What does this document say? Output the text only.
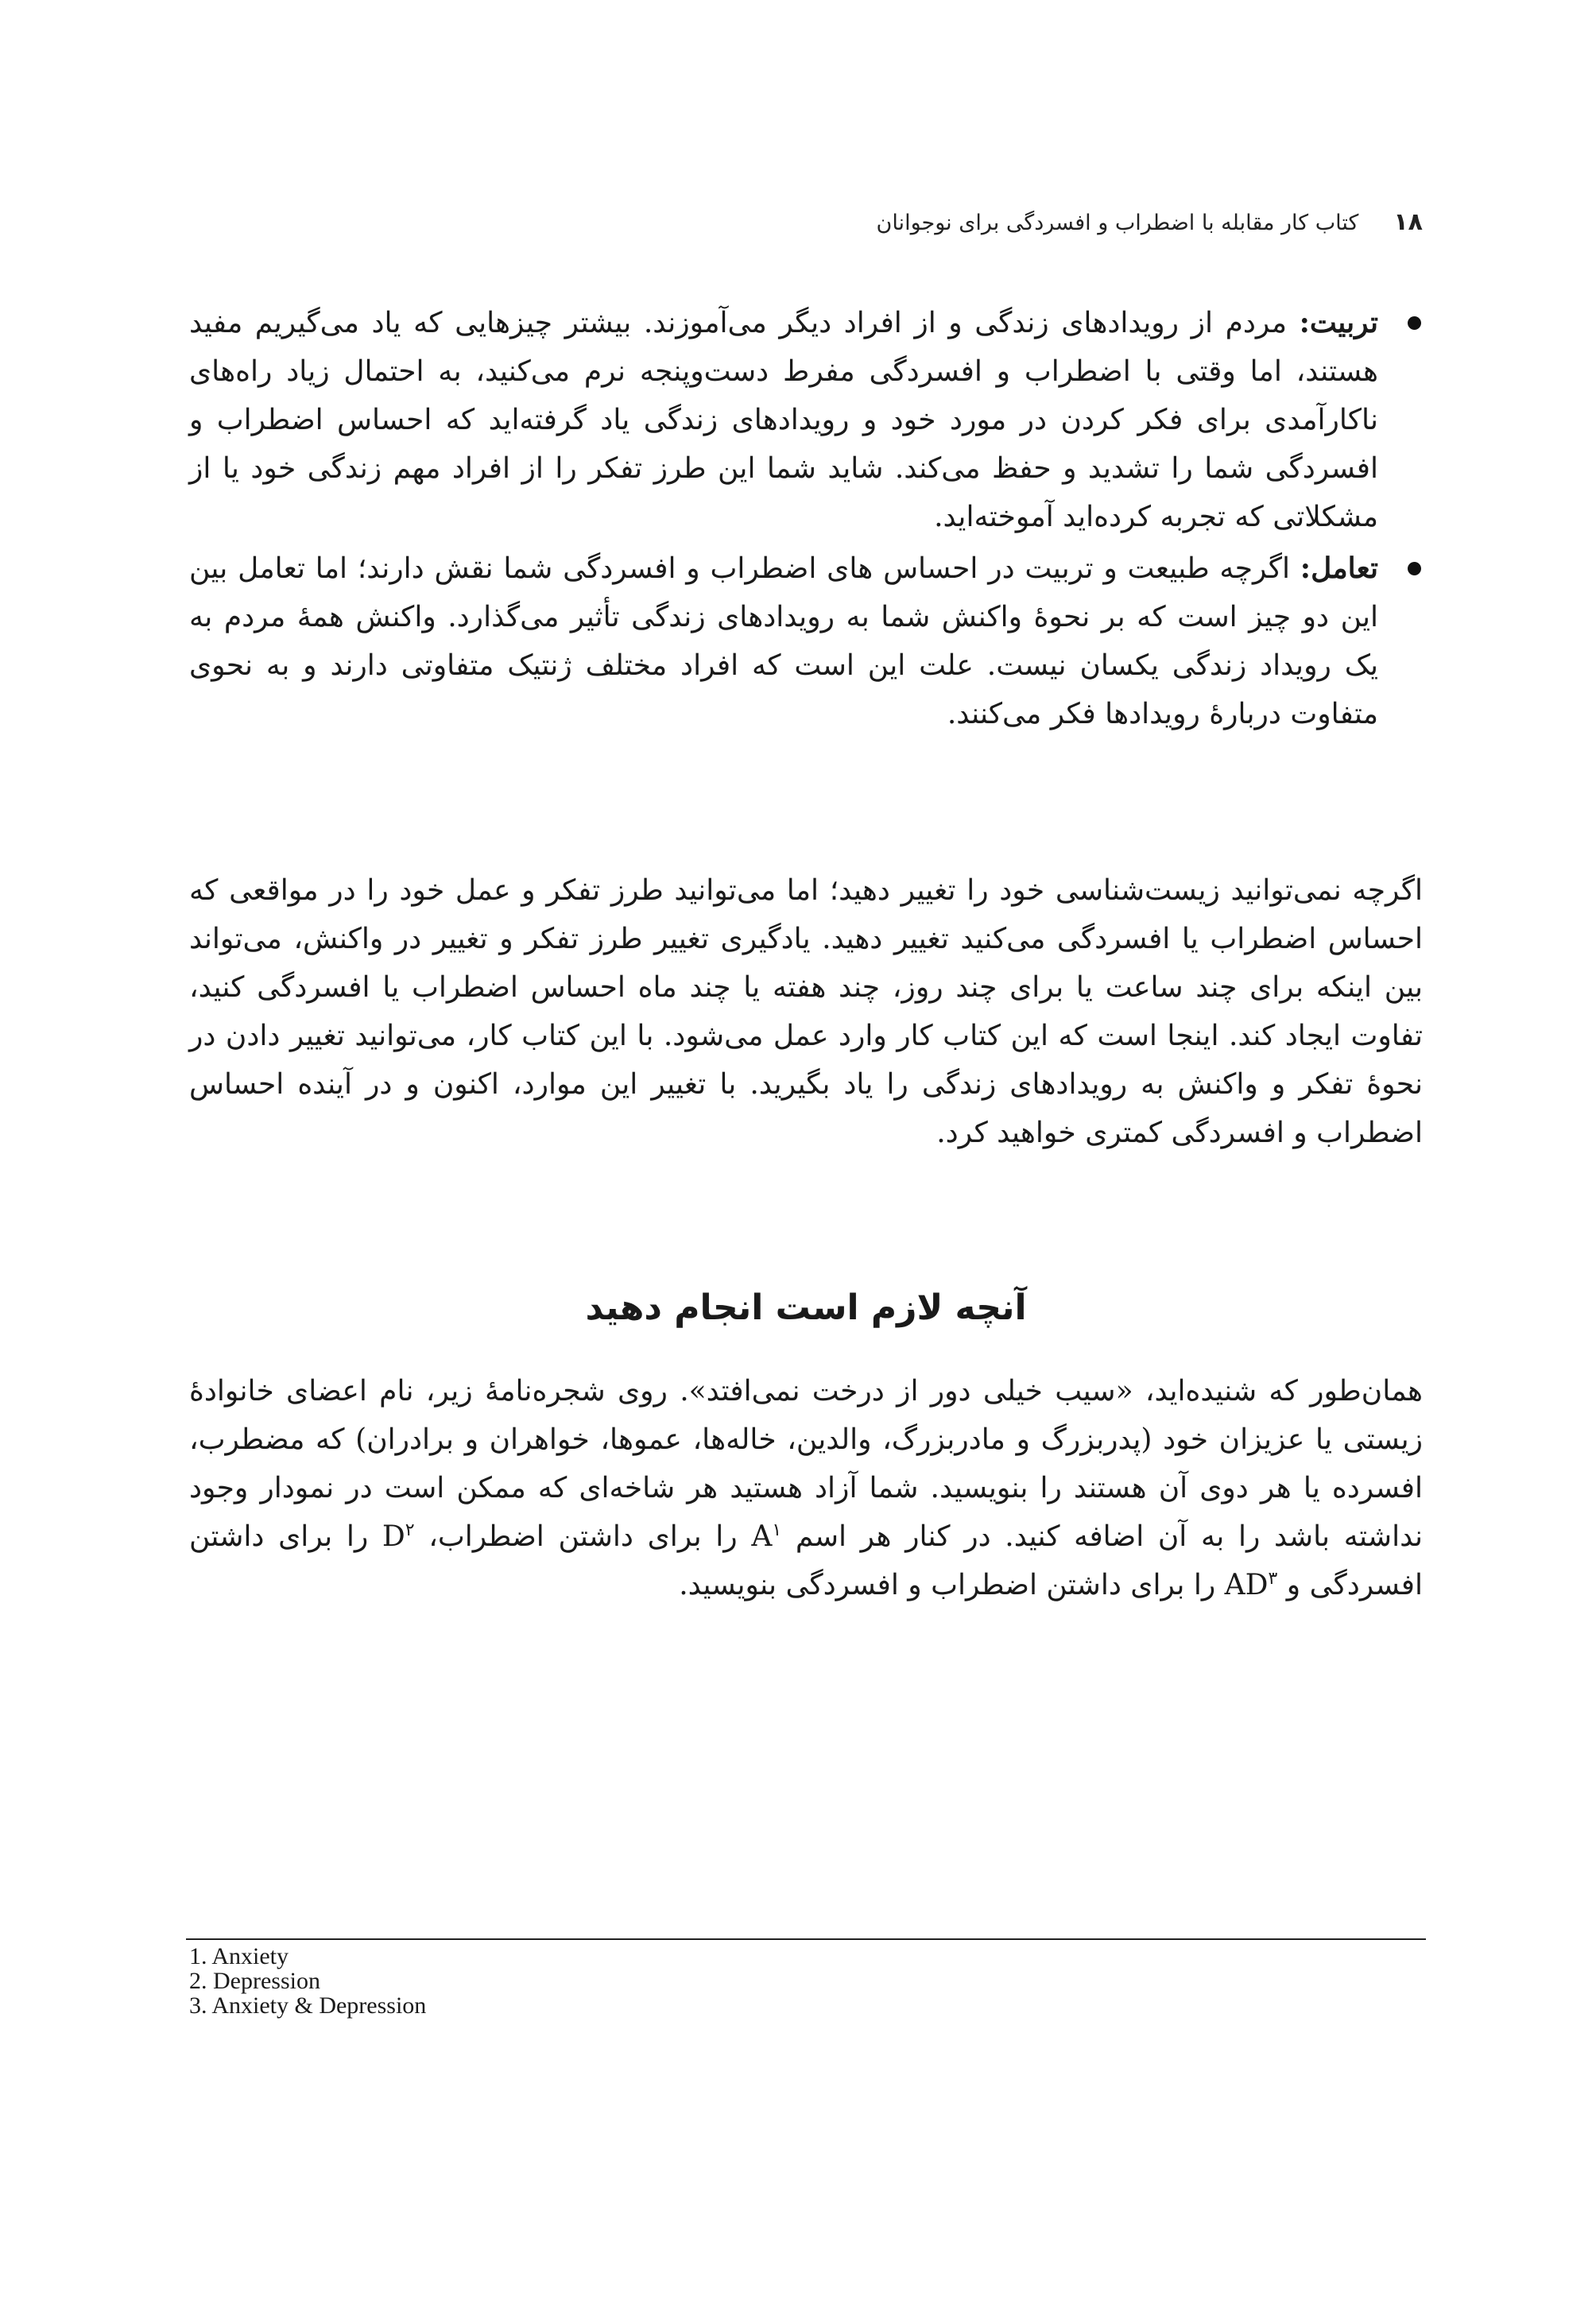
۱۸
کتاب کار مقابله با اضطراب و افسردگی برای نوجوانان
تربیت: مردم از رویدادهای زندگی و از افراد دیگر می‌آموزند. بیشتر چیزهایی که یاد می‌گیریم مفید هستند، اما وقتی با اضطراب و افسردگی مفرط دست‌وپنجه نرم می‌کنید، به احتمال زیاد راه‌های ناکارآمدی برای فکر کردن در مورد خود و رویدادهای زندگی یاد گرفته‌اید که احساس اضطراب و افسردگی شما را تشدید و حفظ می‌کند. شاید شما این طرز تفکر را از افراد مهم زندگی خود یا از مشکلاتی که تجربه کرده‌اید آموخته‌اید.
تعامل: اگرچه طبیعت و تربیت در احساس های اضطراب و افسردگی شما نقش دارند؛ اما تعامل بین این دو چیز است که بر نحوهٔ واکنش شما به رویدادهای زندگی تأثیر می‌گذارد. واکنش همهٔ مردم به یک رویداد زندگی یکسان نیست. علت این است که افراد مختلف ژنتیک متفاوتی دارند و به نحوی متفاوت دربارهٔ رویدادها فکر می‌کنند.

اگرچه نمی‌توانید زیست‌شناسی خود را تغییر دهید؛ اما می‌توانید طرز تفکر و عمل خود را در مواقعی که احساس اضطراب یا افسردگی می‌کنید تغییر دهید. یادگیری تغییر طرز تفکر و تغییر در واکنش، می‌تواند بین اینکه برای چند ساعت یا برای چند روز، چند هفته یا چند ماه احساس اضطراب یا افسردگی کنید، تفاوت ایجاد کند. اینجا است که این کتاب کار وارد عمل می‌شود. با این کتاب کار، می‌توانید تغییر دادن در نحوهٔ تفکر و واکنش به رویدادهای زندگی را یاد بگیرید. با تغییر این موارد، اکنون و در آینده احساس اضطراب و افسردگی کمتری خواهید کرد.

آنچه لازم است انجام دهید

همان‌طور که شنیده‌اید، «سیب خیلی دور از درخت نمی‌افتد». روی شجره‌نامهٔ زیر، نام اعضای خانوادهٔ زیستی یا عزیزان خود (پدربزرگ و مادربزرگ، والدین، خاله‌ها، عموها، خواهران و برادران) که مضطرب، افسرده یا هر دوی آن هستند را بنویسید. شما آزاد هستید هر شاخه‌ای که ممکن است در نمودار وجود نداشته باشد را به آن اضافه کنید. در کنار هر اسم $A^۱$ را برای داشتن اضطراب، $D^۲$ را برای داشتن افسردگی و $AD^۳$ را برای داشتن اضطراب و افسردگی بنویسید.

1. Anxiety
2. Depression
3. Anxiety & Depression
